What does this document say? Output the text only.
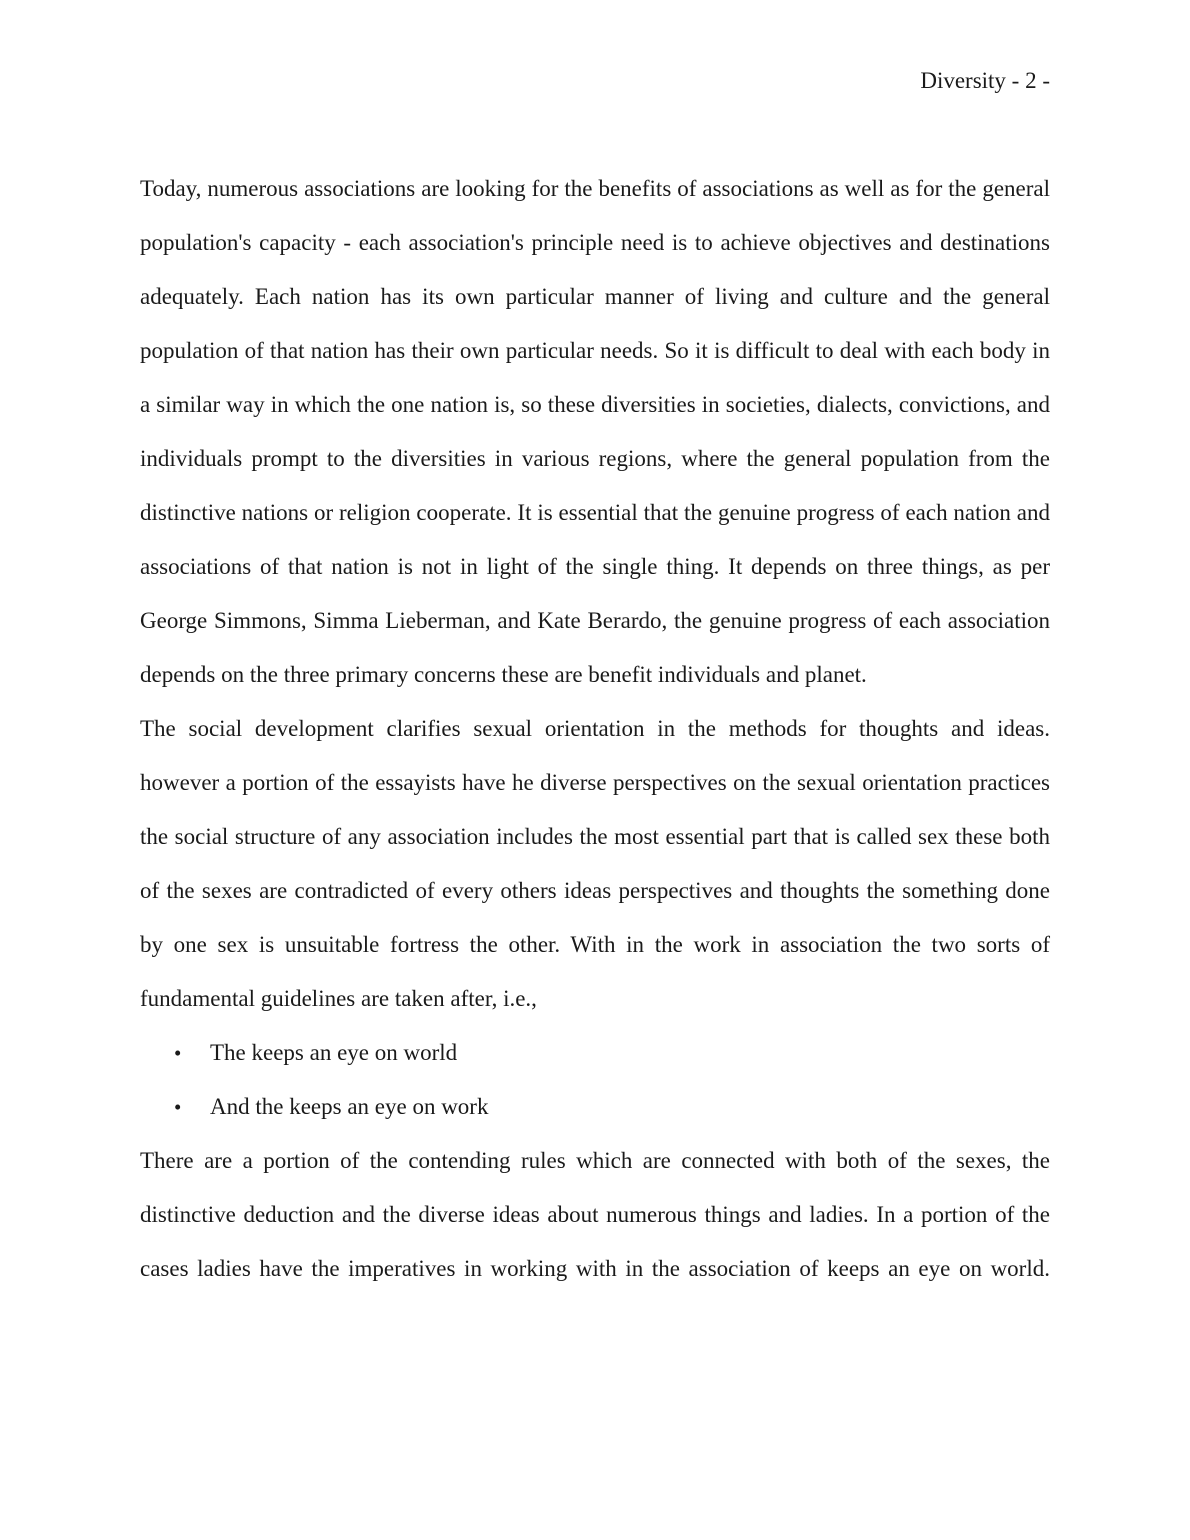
Diversity - 2 -

Today, numerous associations are looking for the benefits of associations as well as for the general population's capacity - each association's principle need is to achieve objectives and destinations adequately. Each nation has its own particular manner of living and culture and the general population of that nation has their own particular needs. So it is difficult to deal with each body in a similar way in which the one nation is, so these diversities in societies, dialects, convictions, and individuals prompt to the diversities in various regions, where the general population from the distinctive nations or religion cooperate. It is essential that the genuine progress of each nation and associations of that nation is not in light of the single thing. It depends on three things, as per George Simmons, Simma Lieberman, and Kate Berardo, the genuine progress of each association depends on the three primary concerns these are benefit individuals and planet.

The social development clarifies sexual orientation in the methods for thoughts and ideas. however a portion of the essayists have he diverse perspectives on the sexual orientation practices the social structure of any association includes the most essential part that is called sex these both of the sexes are contradicted of every others ideas perspectives and thoughts the something done by one sex is unsuitable fortress the other. With in the work in association the two sorts of fundamental guidelines are taken after, i.e.,

• The keeps an eye on world
• And the keeps an eye on work

There are a portion of the contending rules which are connected with both of the sexes, the distinctive deduction and the diverse ideas about numerous things and ladies. In a portion of the cases ladies have the imperatives in working with in the association of keeps an eye on world.
